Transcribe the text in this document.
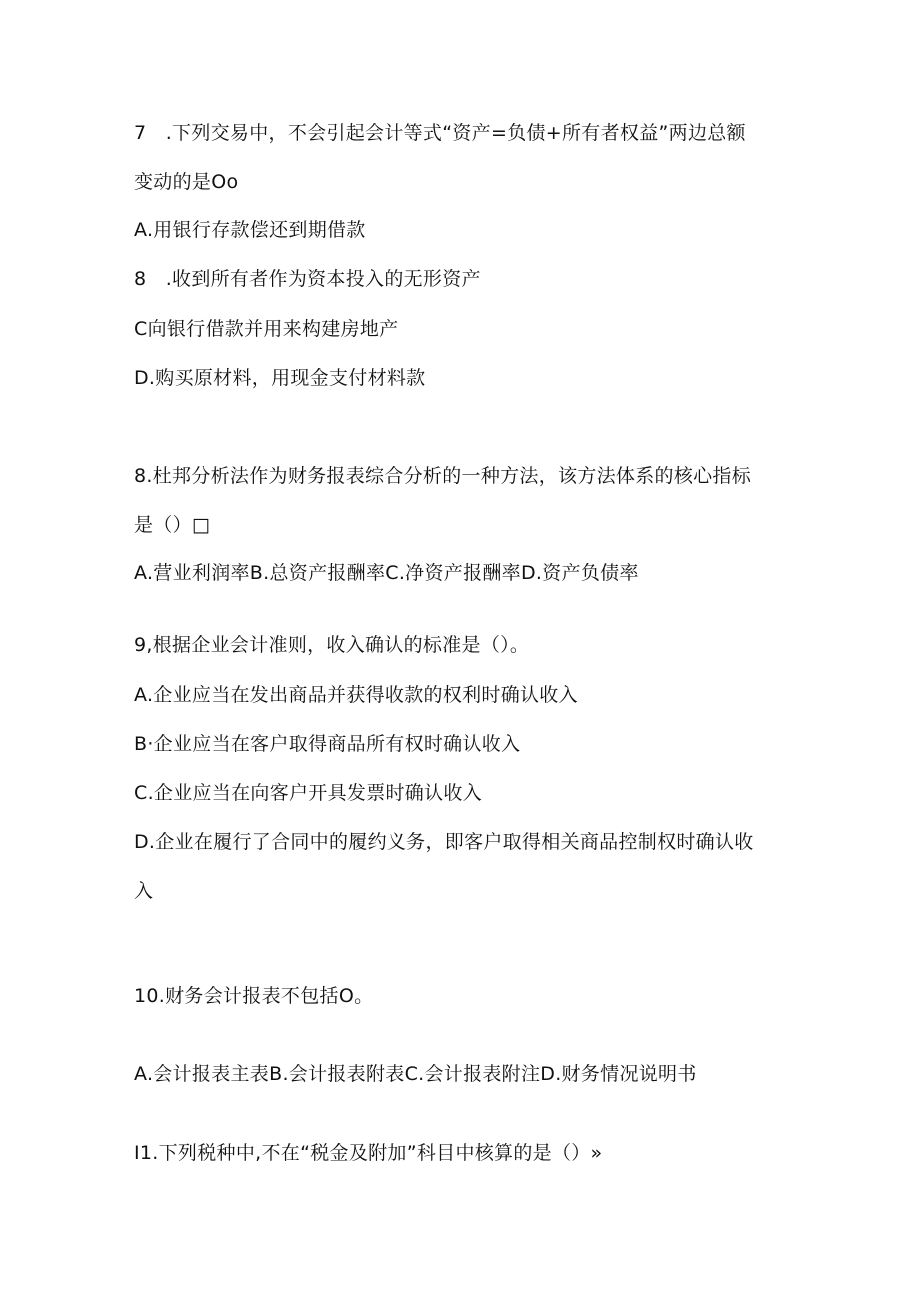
7　.下列交易中，不会引起会计等式“资产=负债+所有者权益”两边总额
变动的是Oo
A.用银行存款偿还到期借款
8　.收到所有者作为资本投入的无形资产
C向银行借款并用来构建房地产
D.购买原材料，用现金支付材料款
8.杜邦分析法作为财务报表综合分析的一种方法，该方法体系的核心指标
是（）□
A.营业利润率B.总资产报酬率C.净资产报酬率D.资产负债率
9,根据企业会计准则，收入确认的标准是（）。
A.企业应当在发出商品并获得收款的权利时确认收入
B·企业应当在客户取得商品所有权时确认收入
C.企业应当在向客户开具发票时确认收入
D.企业在履行了合同中的履约义务，即客户取得相关商品控制权时确认收
入
10.财务会计报表不包括O。
A.会计报表主表B.会计报表附表C.会计报表附注D.财务情况说明书
I1.下列税种中,不在“税金及附加”科目中核算的是（）»
